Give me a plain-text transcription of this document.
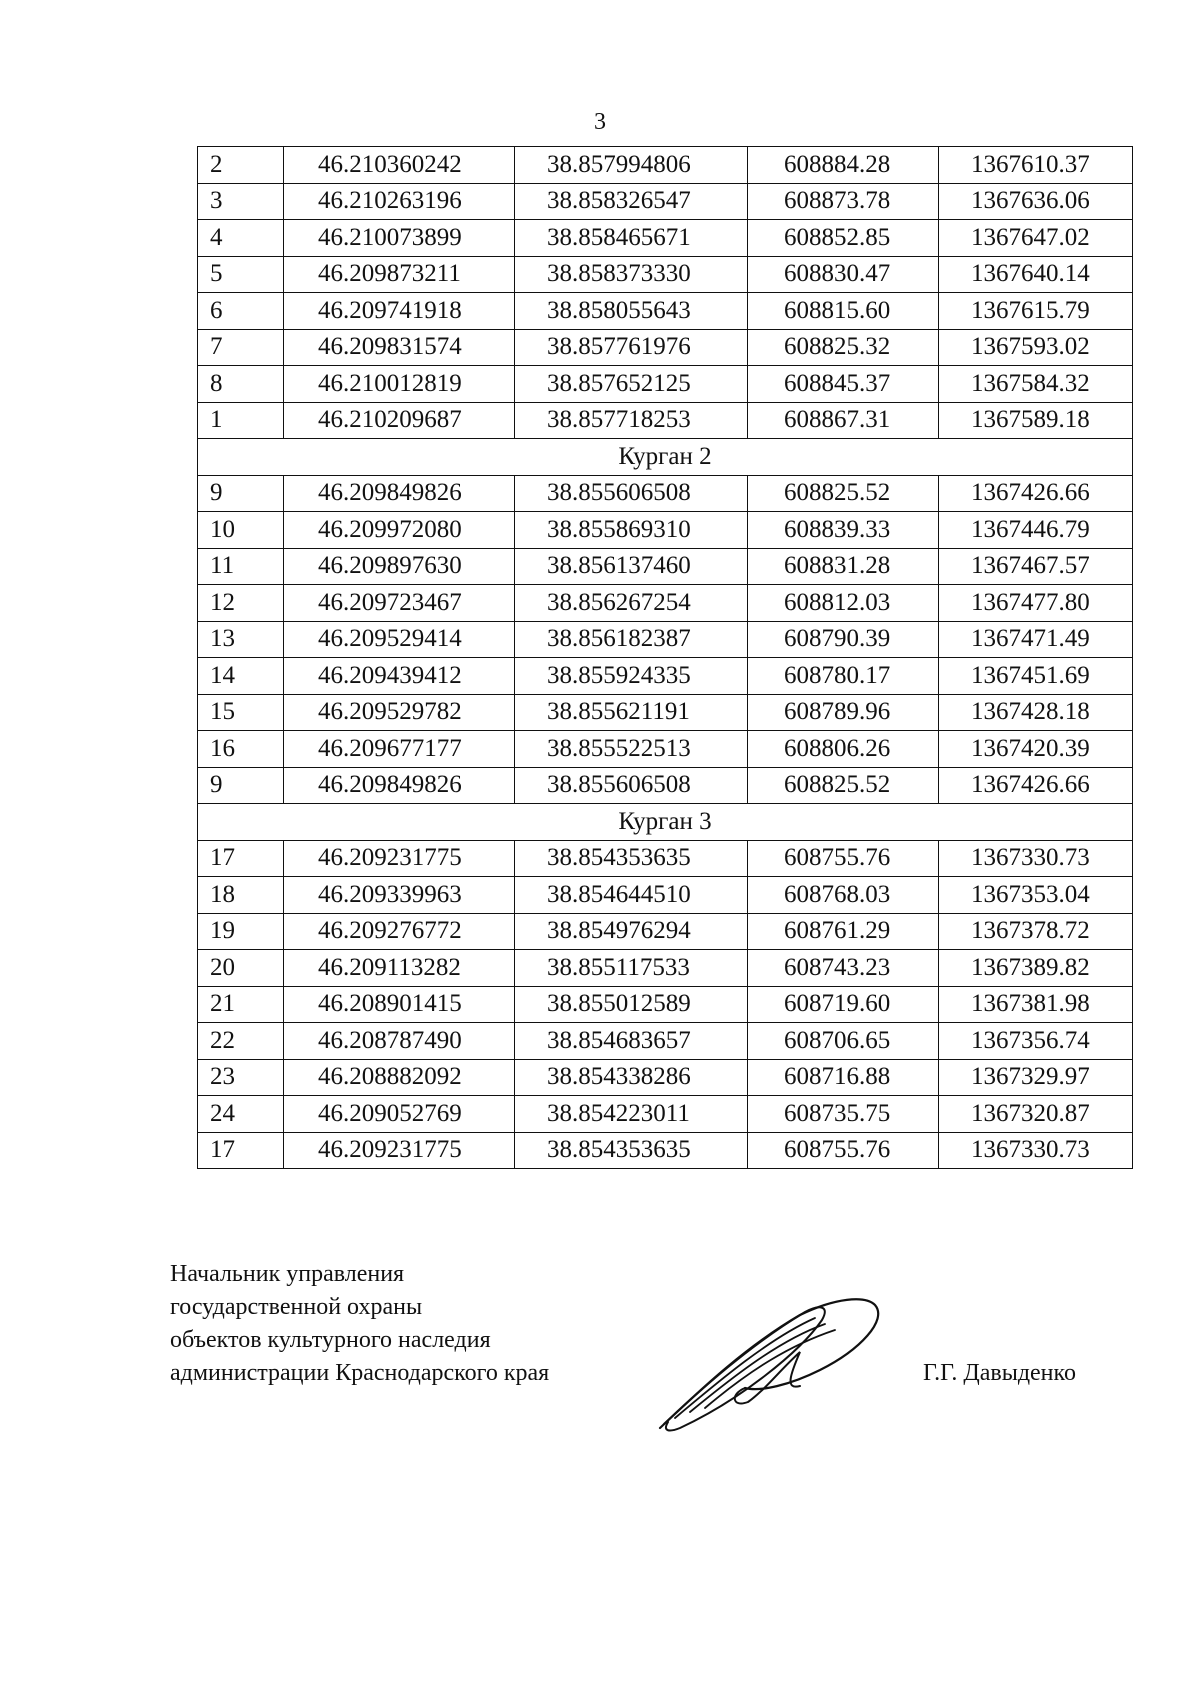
3
2	46.210360242	38.857994806	608884.28	1367610.37
3	46.210263196	38.858326547	608873.78	1367636.06
4	46.210073899	38.858465671	608852.85	1367647.02
5	46.209873211	38.858373330	608830.47	1367640.14
6	46.209741918	38.858055643	608815.60	1367615.79
7	46.209831574	38.857761976	608825.32	1367593.02
8	46.210012819	38.857652125	608845.37	1367584.32
1	46.210209687	38.857718253	608867.31	1367589.18
Курган 2				
9	46.209849826	38.855606508	608825.52	1367426.66
10	46.209972080	38.855869310	608839.33	1367446.79
11	46.209897630	38.856137460	608831.28	1367467.57
12	46.209723467	38.856267254	608812.03	1367477.80
13	46.209529414	38.856182387	608790.39	1367471.49
14	46.209439412	38.855924335	608780.17	1367451.69
15	46.209529782	38.855621191	608789.96	1367428.18
16	46.209677177	38.855522513	608806.26	1367420.39
9	46.209849826	38.855606508	608825.52	1367426.66
Курган 3				
17	46.209231775	38.854353635	608755.76	1367330.73
18	46.209339963	38.854644510	608768.03	1367353.04
19	46.209276772	38.854976294	608761.29	1367378.72
20	46.209113282	38.855117533	608743.23	1367389.82
21	46.208901415	38.855012589	608719.60	1367381.98
22	46.208787490	38.854683657	608706.65	1367356.74
23	46.208882092	38.854338286	608716.88	1367329.97
24	46.209052769	38.854223011	608735.75	1367320.87
17	46.209231775	38.854353635	608755.76	1367330.73
Начальник управления
государственной охраны
объектов культурного наследия
администрации Краснодарского края	Г.Г. Давыденко
